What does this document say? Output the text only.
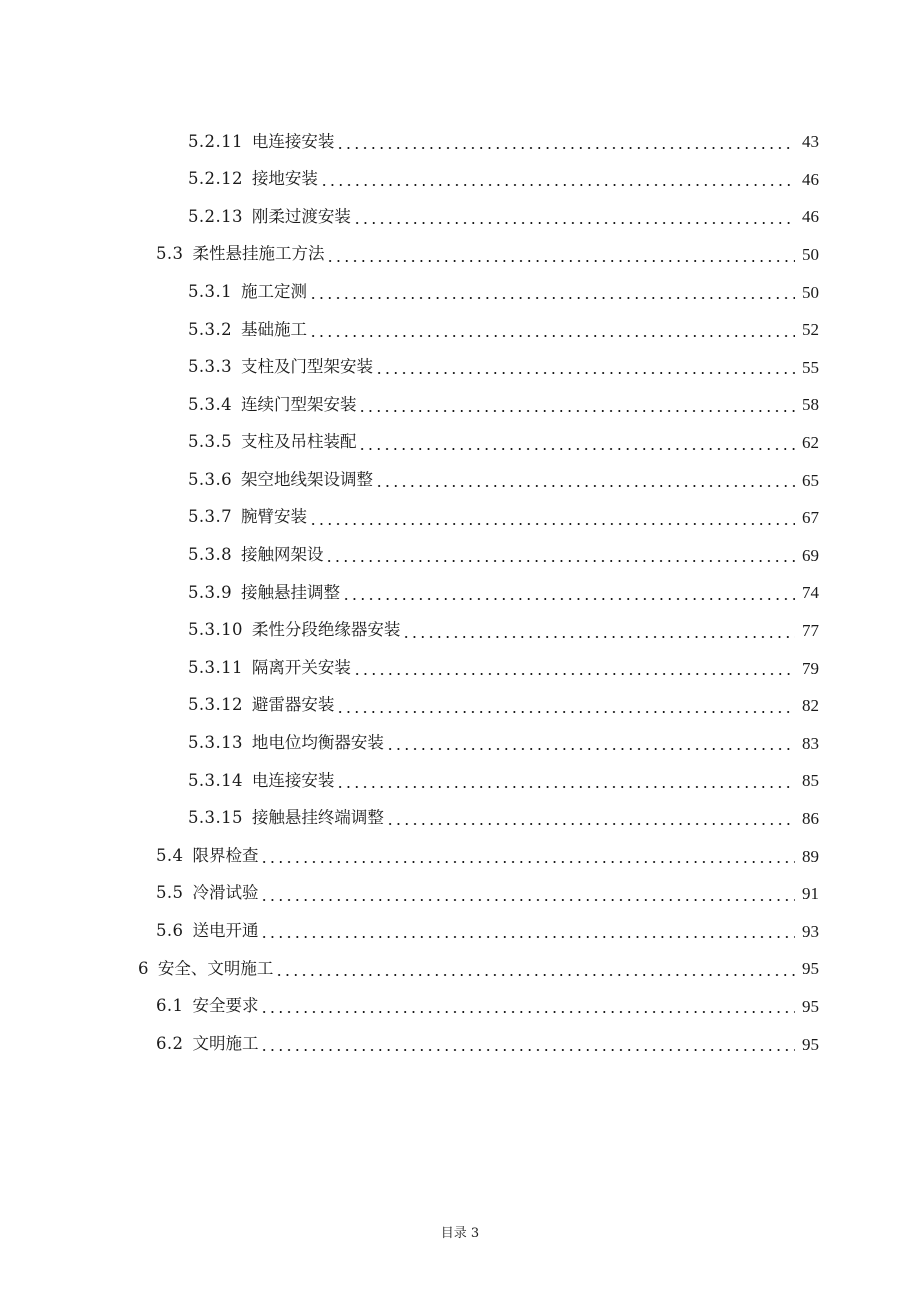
5.2.11 电连接安装	43
5.2.12 接地安装	46
5.2.13 刚柔过渡安装	46
5.3 柔性悬挂施工方法	50
5.3.1 施工定测	50
5.3.2 基础施工	52
5.3.3 支柱及门型架安装	55
5.3.4 连续门型架安装	58
5.3.5 支柱及吊柱装配	62
5.3.6 架空地线架设调整	65
5.3.7 腕臂安装	67
5.3.8 接触网架设	69
5.3.9 接触悬挂调整	74
5.3.10 柔性分段绝缘器安装	77
5.3.11 隔离开关安装	79
5.3.12 避雷器安装	82
5.3.13 地电位均衡器安装	83
5.3.14 电连接安装	85
5.3.15 接触悬挂终端调整	86
5.4 限界检查	89
5.5 冷滑试验	91
5.6 送电开通	93
6 安全、文明施工	95
6.1 安全要求	95
6.2 文明施工	95
目录 3
